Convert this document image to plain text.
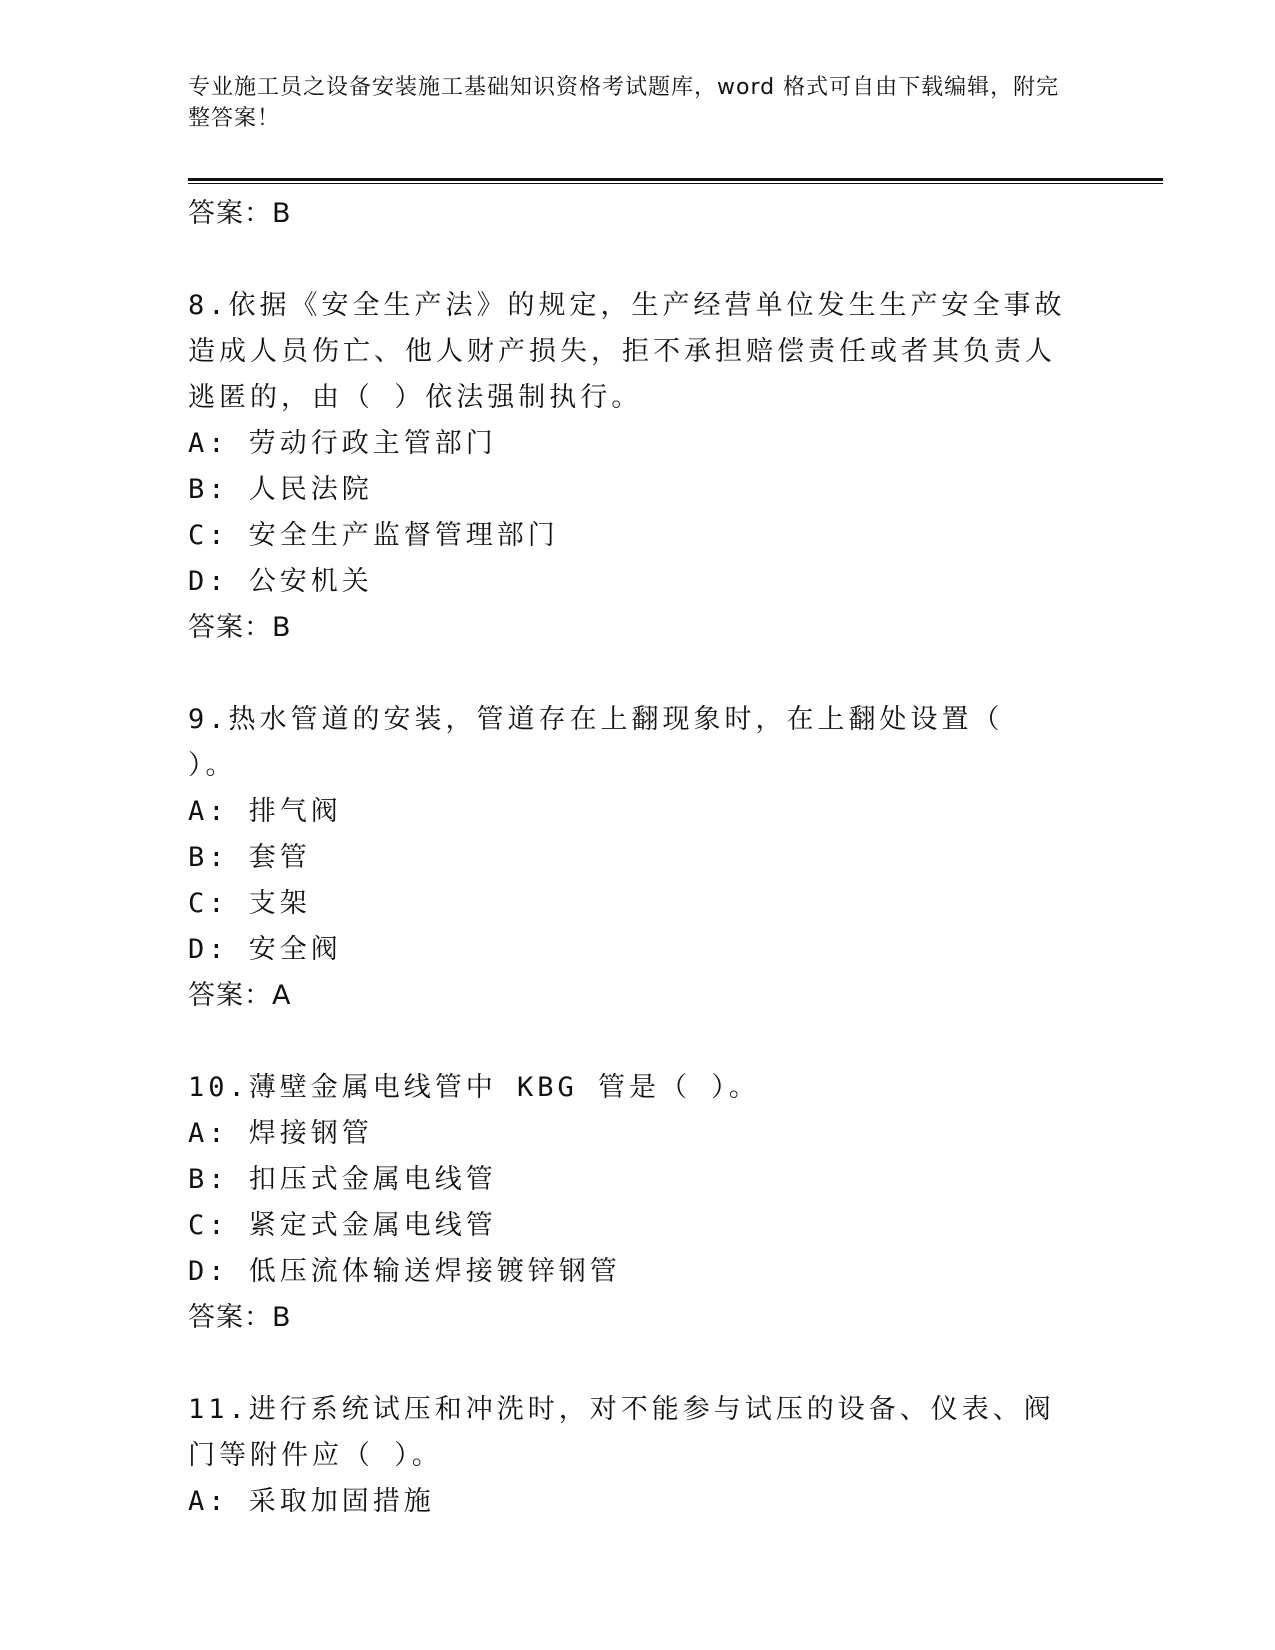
专业施工员之设备安装施工基础知识资格考试题库，word 格式可自由下载编辑，附完整答案！
答案：B
8.依据《安全生产法》的规定，生产经营单位发生生产安全事故造成人员伤亡、他人财产损失，拒不承担赔偿责任或者其负责人逃匿的，由（ ）依法强制执行。
A: 劳动行政主管部门
B: 人民法院
C: 安全生产监督管理部门
D: 公安机关
答案：B
9.热水管道的安装，管道存在上翻现象时，在上翻处设置（ ）。
A: 排气阀
B: 套管
C: 支架
D: 安全阀
答案：A
10.薄壁金属电线管中 KBG 管是（ ）。
A: 焊接钢管
B: 扣压式金属电线管
C: 紧定式金属电线管
D: 低压流体输送焊接镀锌钢管
答案：B
11.进行系统试压和冲洗时，对不能参与试压的设备、仪表、阀门等附件应（ ）。
A: 采取加固措施
